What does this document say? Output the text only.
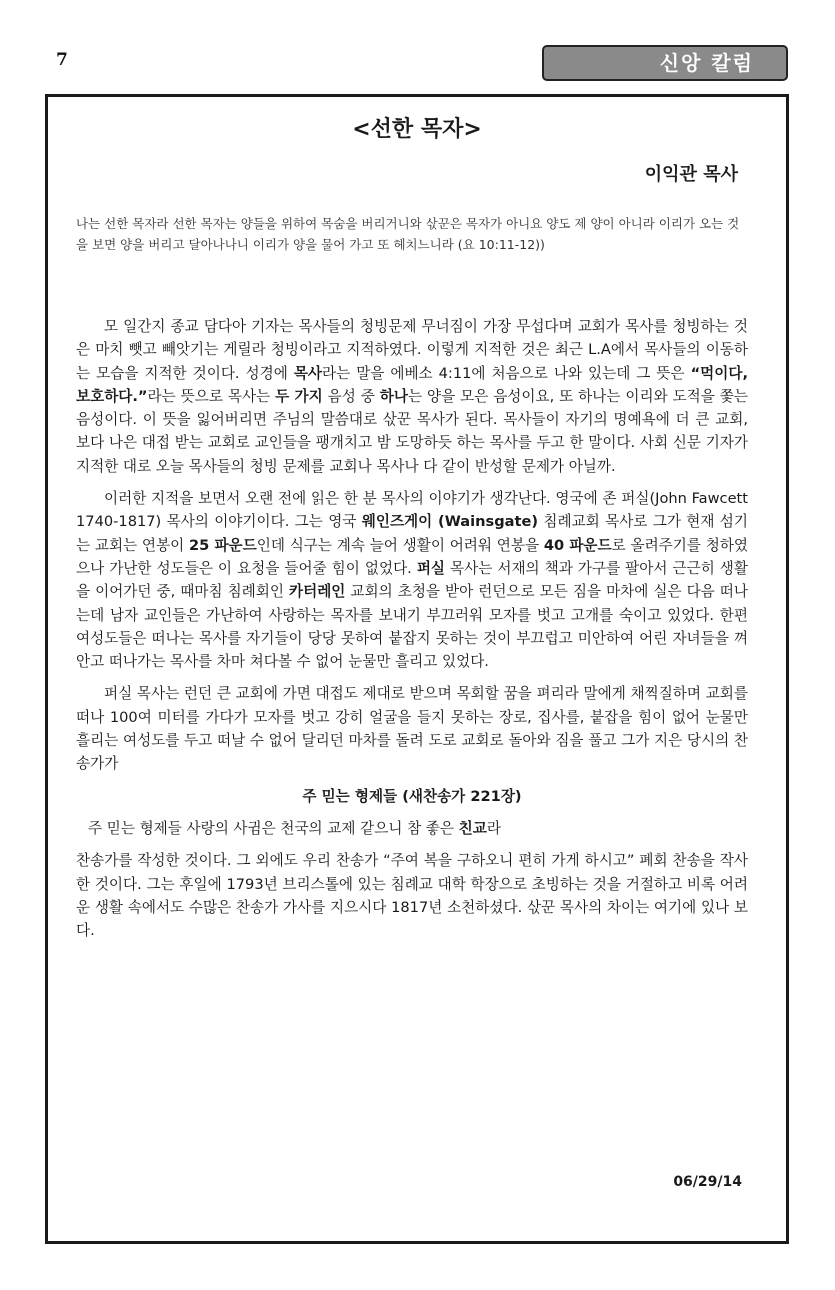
7	신앙 칼럼
<선한 목자>
이익관 목사
나는 선한 목자라 선한 목자는 양들을 위하여 목숨을 버리거니와 삯꾼은 목자가 아니요 양도 제 양이 아니라 이리가 오는 것을 보면 양을 버리고 달아나나니 이리가 양을 물어 가고 또 헤치느니라 (요 10:11-12))

모 일간지 종교 담다아 기자는 목사들의 청빙문제 무너짐이 가장 무섭다며 교회가 목사를 청빙하는 것은 마치 뺏고 빼앗기는 게릴라 청빙이라고 지적하였다. 이렇게 지적한 것은 최근 L.A에서 목사들의 이동하는 모습을 지적한 것이다. 성경에 목사라는 말을 에베소 4:11에 처음으로 나와 있는데 그 뜻은 “먹이다, 보호하다.”라는 뜻으로 목사는 두 가지 음성 중 하나는 양을 모은 음성이요, 또 하나는 이리와 도적을 쫓는 음성이다. 이 뜻을 잃어버리면 주님의 말씀대로 삯꾼 목사가 된다. 목사들이 자기의 명예욕에 더 큰 교회, 보다 나은 대접 받는 교회로 교인들을 팽개치고 밤 도망하듯 하는 목사를 두고 한 말이다. 사회 신문 기자가 지적한 대로 오늘 목사들의 청빙 문제를 교회나 목사나 다 같이 반성할 문제가 아닐까.

이러한 지적을 보면서 오랜 전에 읽은 한 분 목사의 이야기가 생각난다. 영국에 존 퍼실(John Fawcett 1740-1817) 목사의 이야기이다. 그는 영국 웨인즈게이 (Wainsgate) 침례교회 목사로 그가 현재 섬기는 교회는 연봉이 25 파운드인데 식구는 계속 늘어 생활이 어려워 연봉을 40 파운드로 올려주기를 청하였으나 가난한 성도들은 이 요청을 들어줄 힘이 없었다. 퍼실 목사는 서재의 책과 가구를 팔아서 근근히 생활을 이어가던 중, 때마침 침례회인 카터레인 교회의 초청을 받아 런던으로 모든 짐을 마차에 실은 다음 떠나는데 남자 교인들은 가난하여 사랑하는 목자를 보내기 부끄러워 모자를 벗고 고개를 숙이고 있었다. 한편 여성도들은 떠나는 목사를 자기들이 당당 못하여 붙잡지 못하는 것이 부끄럽고 미안하여 어린 자녀들을 껴안고 떠나가는 목사를 차마 쳐다볼 수 없어 눈물만 흘리고 있었다.

퍼실 목사는 런던 큰 교회에 가면 대접도 제대로 받으며 목회할 꿈을 펴리라 말에게 채찍질하며 교회를 떠나 100여 미터를 가다가 모자를 벗고 강히 얼굴을 들지 못하는 장로, 집사를, 붙잡을 힘이 없어 눈물만 흘리는 여성도를 두고 떠날 수 없어 달리던 마차를 돌려 도로 교회로 돌아와 짐을 풀고 그가 지은 당시의 찬송가가

주 믿는 형제들 (새찬송가 221장)

주 믿는 형제들 사랑의 사귐은 천국의 교제 같으니 참 좋은 친교라

찬송가를 작성한 것이다. 그 외에도 우리 찬송가 “주여 복을 구하오니 편히 가게 하시고” 폐회 찬송을 작사한 것이다. 그는 후일에 1793년 브리스톨에 있는 침례교 대학 학장으로 초빙하는 것을 거절하고 비록 어려운 생활 속에서도 수많은 찬송가 가사를 지으시다 1817년 소천하셨다. 삯꾼 목사의 차이는 여기에 있나 보다.

06/29/14
